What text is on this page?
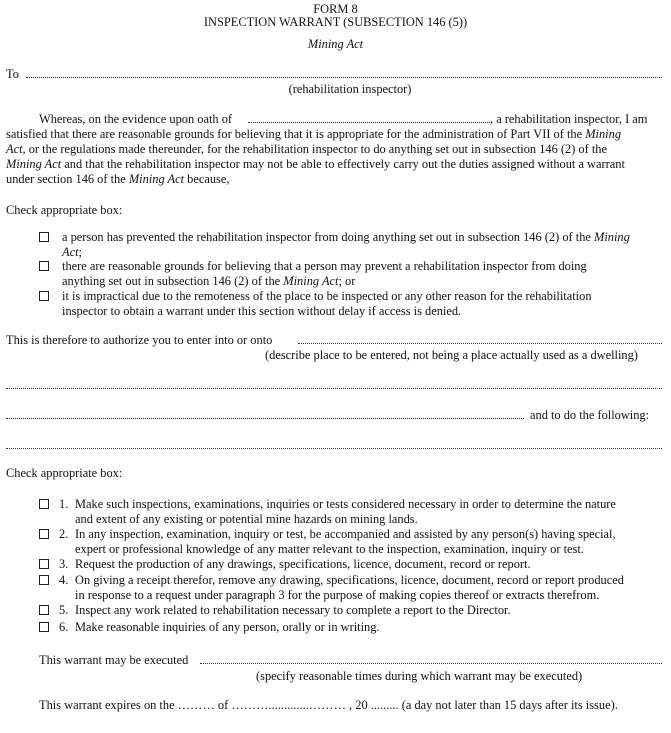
FORM 8
INSPECTION WARRANT (SUBSECTION 146 (5))
Mining Act
To
(rehabilitation inspector)
Whereas, on the evidence upon oath of	, a rehabilitation inspector, I am
satisfied that there are reasonable grounds for believing that it is appropriate for the administration of Part VII of the Mining
Act, or the regulations made thereunder, for the rehabilitation inspector to do anything set out in subsection 146 (2) of the
Mining Act and that the rehabilitation inspector may not be able to effectively carry out the duties assigned without a warrant
under section 146 of the Mining Act because,
Check appropriate box:
a person has prevented the rehabilitation inspector from doing anything set out in subsection 146 (2) of the Mining
Act;
there are reasonable grounds for believing that a person may prevent a rehabilitation inspector from doing
anything set out in subsection 146 (2) of the Mining Act; or
it is impractical due to the remoteness of the place to be inspected or any other reason for the rehabilitation
inspector to obtain a warrant under this section without delay if access is denied.
This is therefore to authorize you to enter into or onto
(describe place to be entered, not being a place actually used as a dwelling)
and to do the following:
Check appropriate box:
1. Make such inspections, examinations, inquiries or tests considered necessary in order to determine the nature
and extent of any existing or potential mine hazards on mining lands.
2. In any inspection, examination, inquiry or test, be accompanied and assisted by any person(s) having special,
expert or professional knowledge of any matter relevant to the inspection, examination, inquiry or test.
3. Request the production of any drawings, specifications, licence, document, record or report.
4. On giving a receipt therefor, remove any drawing, specifications, licence, document, record or report produced
in response to a request under paragraph 3 for the purpose of making copies thereof or extracts therefrom.
5. Inspect any work related to rehabilitation necessary to complete a report to the Director.
6. Make reasonable inquiries of any person, orally or in writing.
This warrant may be executed
(specify reasonable times during which warrant may be executed)
This warrant expires on the ……… of ……….............……… , 20 ......... (a day not later than 15 days after its issue).
